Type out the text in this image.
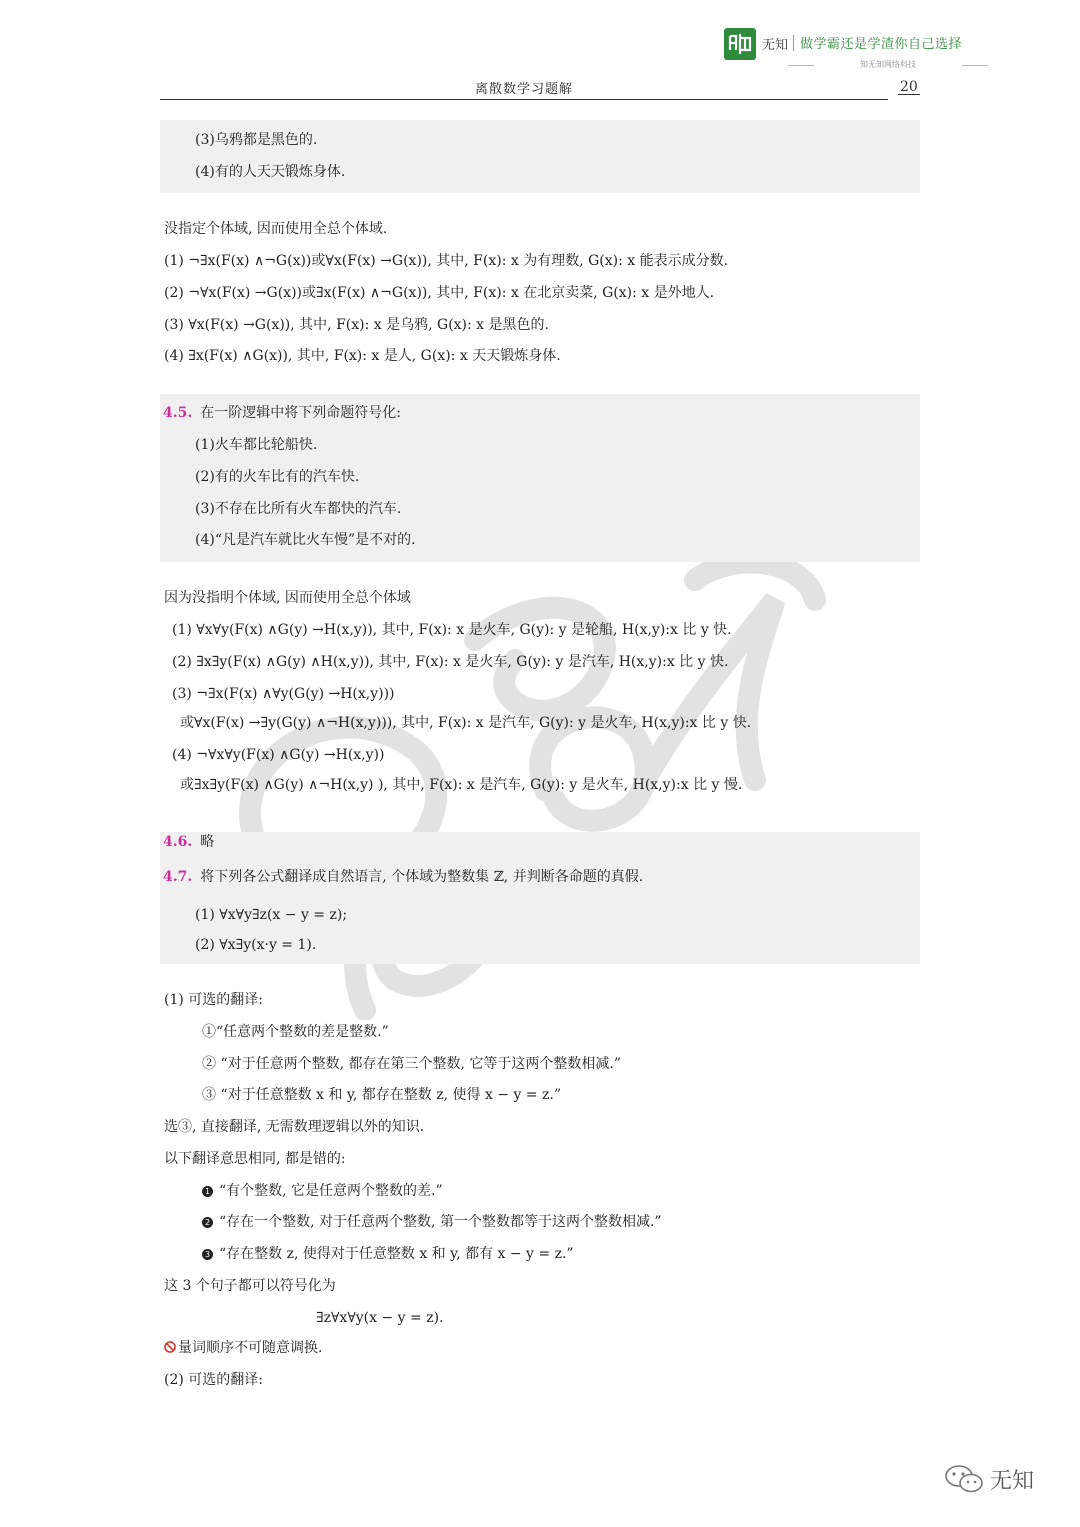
无知 做学霸还是学渣你自己选择
知无知网络科技
离散数学习题解	20
(3)乌鸦都是黑色的.
(4)有的人天天锻炼身体.
没指定个体域, 因而使用全总个体域.
(1) ¬∃x(F(x) ∧¬G(x))或∀x(F(x) →G(x)), 其中, F(x): x 为有理数, G(x): x 能表示成分数.
(2) ¬∀x(F(x) →G(x))或∃x(F(x) ∧¬G(x)), 其中, F(x): x 在北京卖菜, G(x): x 是外地人.
(3) ∀x(F(x) →G(x)), 其中, F(x): x 是乌鸦, G(x): x 是黑色的.
(4) ∃x(F(x) ∧G(x)), 其中, F(x): x 是人, G(x): x 天天锻炼身体.
4.5. 在一阶逻辑中将下列命题符号化:
(1)火车都比轮船快.
(2)有的火车比有的汽车快.
(3)不存在比所有火车都快的汽车.
(4)“凡是汽车就比火车慢”是不对的.
因为没指明个体域, 因而使用全总个体域
(1) ∀x∀y(F(x) ∧G(y) →H(x,y)), 其中, F(x): x 是火车, G(y): y 是轮船, H(x,y):x 比 y 快.
(2) ∃x∃y(F(x) ∧G(y) ∧H(x,y)), 其中, F(x): x 是火车, G(y): y 是汽车, H(x,y):x 比 y 快.
(3) ¬∃x(F(x) ∧∀y(G(y) →H(x,y)))
或∀x(F(x) →∃y(G(y) ∧¬H(x,y))), 其中, F(x): x 是汽车, G(y): y 是火车, H(x,y):x 比 y 快.
(4) ¬∀x∀y(F(x) ∧G(y) →H(x,y))
或∃x∃y(F(x) ∧G(y) ∧¬H(x,y) ), 其中, F(x): x 是汽车, G(y): y 是火车, H(x,y):x 比 y 慢.
4.6. 略
4.7. 将下列各公式翻译成自然语言, 个体域为整数集 ℤ, 并判断各命题的真假.
(1) ∀x∀y∃z(x − y = z);
(2) ∀x∃y(x·y = 1).
(1) 可选的翻译:
①“任意两个整数的差是整数.”
② “对于任意两个整数, 都存在第三个整数, 它等于这两个整数相减.”
③ “对于任意整数 x 和 y, 都存在整数 z, 使得 x − y = z.”
选③, 直接翻译, 无需数理逻辑以外的知识.
以下翻译意思相同, 都是错的:
1 “有个整数, 它是任意两个整数的差.”
2 “存在一个整数, 对于任意两个整数, 第一个整数都等于这两个整数相减.”
3 “存在整数 z, 使得对于任意整数 x 和 y, 都有 x − y = z.”
这 3 个句子都可以符号化为
∃z∀x∀y(x − y = z).
量词顺序不可随意调换.
(2) 可选的翻译:
无知
